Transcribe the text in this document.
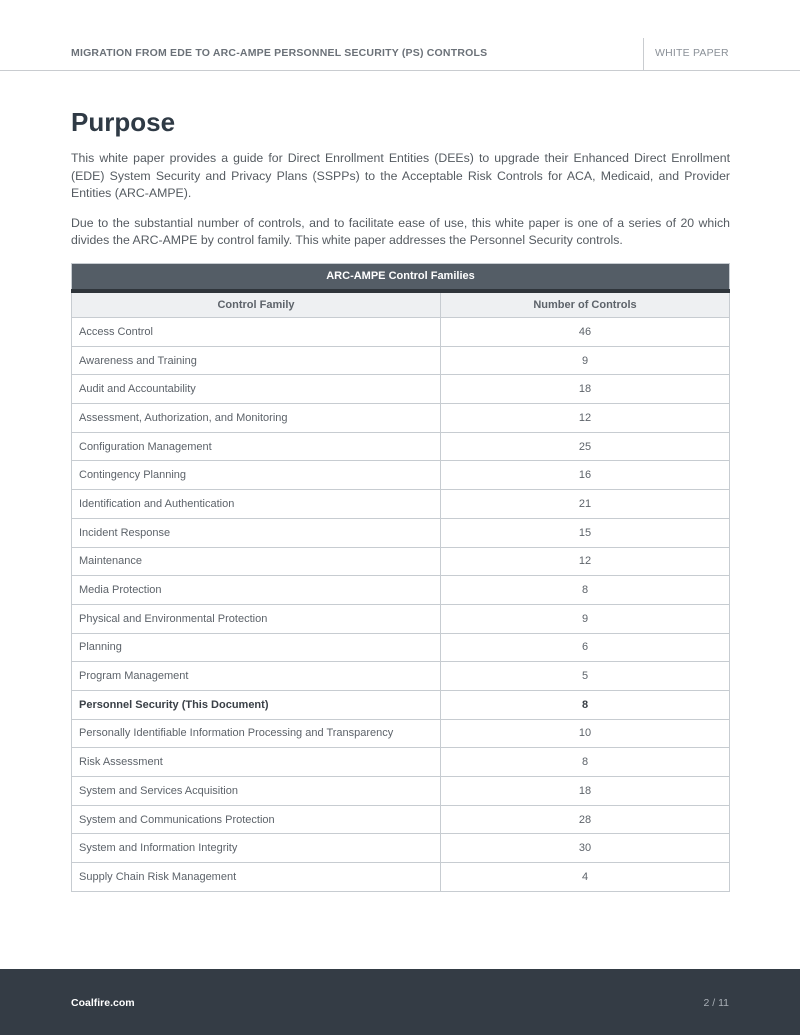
MIGRATION FROM EDE TO ARC-AMPE PERSONNEL SECURITY (PS) CONTROLS	WHITE PAPER
Purpose

This white paper provides a guide for Direct Enrollment Entities (DEEs) to upgrade their Enhanced Direct Enrollment (EDE) System Security and Privacy Plans (SSPPs) to the Acceptable Risk Controls for ACA, Medicaid, and Provider Entities (ARC-AMPE).

Due to the substantial number of controls, and to facilitate ease of use, this white paper is one of a series of 20 which divides the ARC-AMPE by control family. This white paper addresses the Personnel Security controls.

ARC-AMPE Control Families	
Control Family	Number of Controls
Access Control	46
Awareness and Training	9
Audit and Accountability	18
Assessment, Authorization, and Monitoring	12
Configuration Management	25
Contingency Planning	16
Identification and Authentication	21
Incident Response	15
Maintenance	12
Media Protection	8
Physical and Environmental Protection	9
Planning	6
Program Management	5
Personnel Security (This Document)	8
Personally Identifiable Information Processing and Transparency	10
Risk Assessment	8
System and Services Acquisition	18
System and Communications Protection	28
System and Information Integrity	30
Supply Chain Risk Management	4
Coalfire.com	2 / 11
